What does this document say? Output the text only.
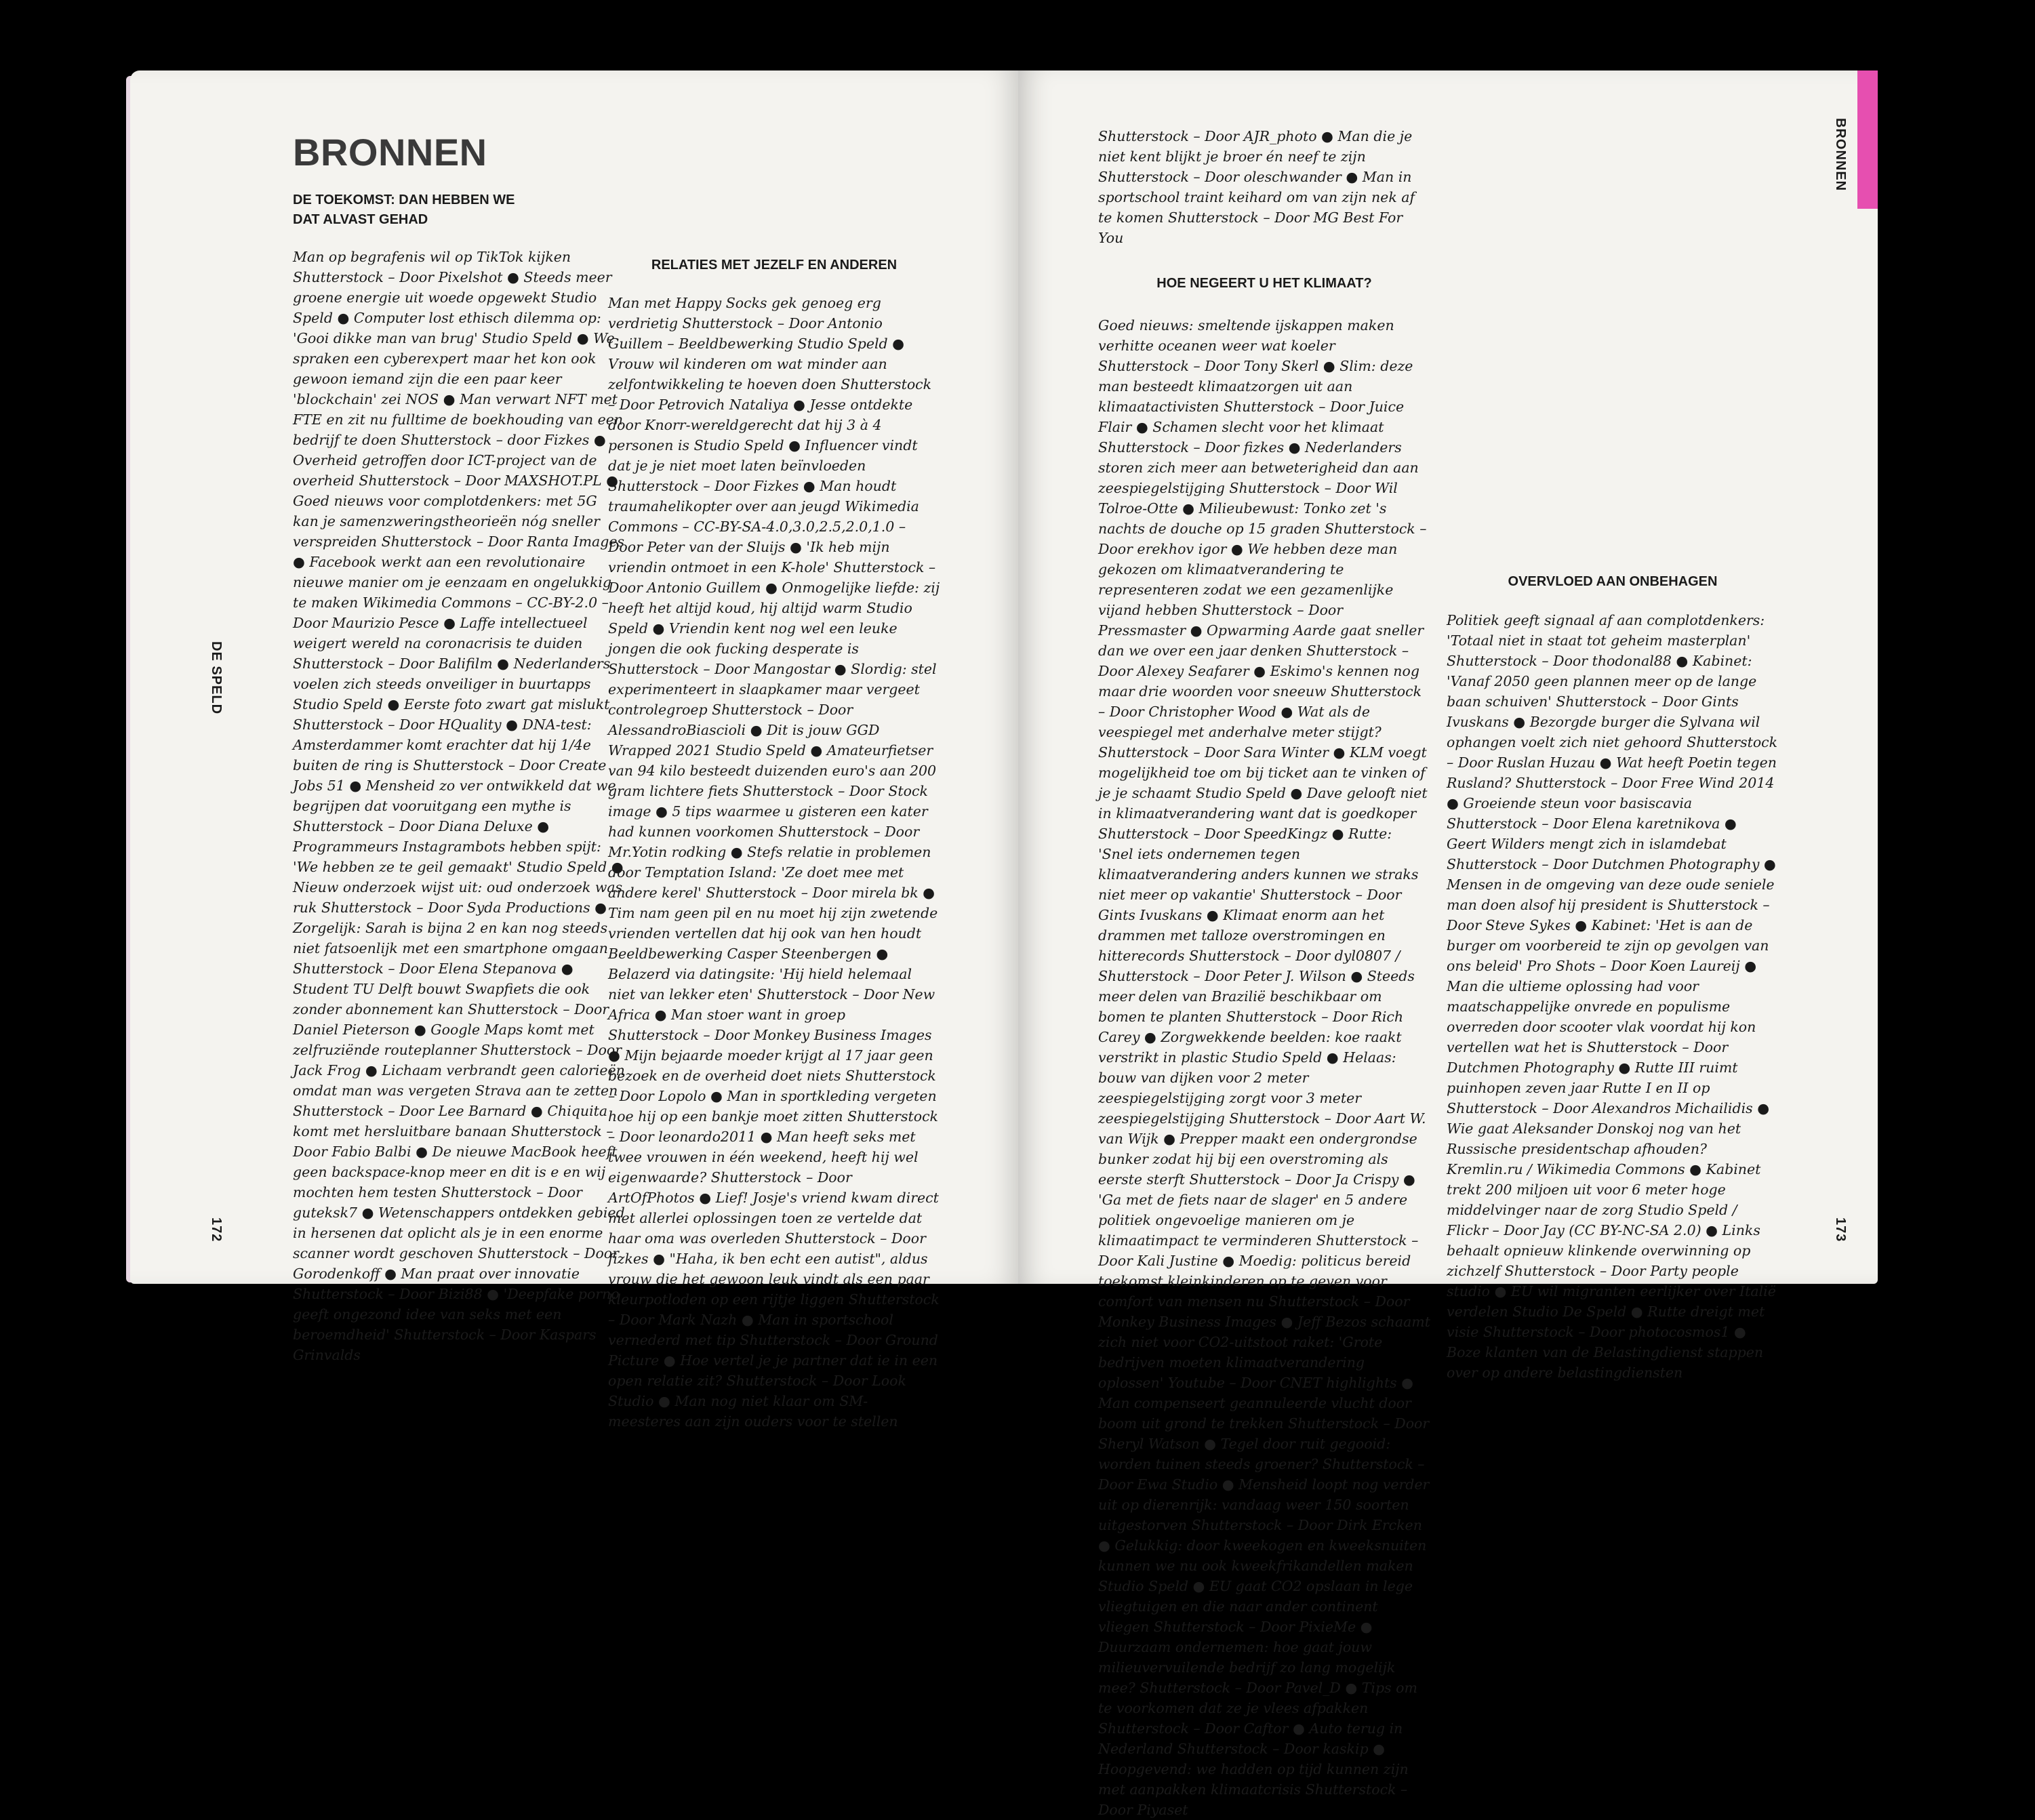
DE SPELD
172
BRONNEN
DE TOEKOMST: DAN HEBBEN WE DAT ALVAST GEHAD

Man op begrafenis wil op TikTok kijken Shutterstock – Door Pixelshot ● Steeds meer groene energie uit woede opgewekt Studio Speld ● Computer lost ethisch dilemma op: 'Gooi dikke man van brug' Studio Speld ● We spraken een cyberexpert maar het kon ook gewoon iemand zijn die een paar keer 'blockchain' zei NOS ● Man verwart NFT met FTE en zit nu fulltime de boekhouding van een bedrijf te doen Shutterstock – door Fizkes ● Overheid getroffen door ICT-project van de overheid Shutterstock – Door MAXSHOT.PL ● Goed nieuws voor complotdenkers: met 5G kan je samenzweringstheorieën nóg sneller verspreiden Shutterstock – Door Ranta Images ● Facebook werkt aan een revolutionaire nieuwe manier om je eenzaam en ongelukkig te maken Wikimedia Commons – CC-BY-2.0 – Door Maurizio Pesce ● Laffe intellectueel weigert wereld na coronacrisis te duiden Shutterstock – Door Balifilm ● Nederlanders voelen zich steeds onveiliger in buurtapps Studio Speld ● Eerste foto zwart gat mislukt Shutterstock – Door HQuality ● DNA-test: Amsterdammer komt erachter dat hij 1/4e buiten de ring is Shutterstock – Door Create Jobs 51 ● Mensheid zo ver ontwikkeld dat we begrijpen dat vooruitgang een mythe is Shutterstock – Door Diana Deluxe ● Programmeurs Instagrambots hebben spijt: 'We hebben ze te geil gemaakt' Studio Speld ● Nieuw onderzoek wijst uit: oud onderzoek was ruk Shutterstock – Door Syda Productions ● Zorgelijk: Sarah is bijna 2 en kan nog steeds niet fatsoenlijk met een smartphone omgaan Shutterstock – Door Elena Stepanova ● Student TU Delft bouwt Swapfiets die ook zonder abonnement kan Shutterstock – Door Daniel Pieterson ● Google Maps komt met zelfruziënde routeplanner Shutterstock – Door Jack Frog ● Lichaam verbrandt geen calorieën omdat man was vergeten Strava aan te zetten Shutterstock – Door Lee Barnard ● Chiquita komt met hersluitbare banaan Shutterstock – Door Fabio Balbi ● De nieuwe MacBook heeft geen backspace-knop meer en dit is e en wij mochten hem testen Shutterstock – Door guteksk7 ● Wetenschappers ontdekken gebied in hersenen dat oplicht als je in een enorme scanner wordt geschoven Shutterstock – Door Gorodenkoff ● Man praat over innovatie Shutterstock – Door Bizi88 ● 'Deepfake porno geeft ongezond idee van seks met een beroemdheid' Shutterstock – Door Kaspars Grinvalds

RELATIES MET JEZELF EN ANDEREN

Man met Happy Socks gek genoeg erg verdrietig Shutterstock – Door Antonio Guillem – Beeldbewerking Studio Speld ● Vrouw wil kinderen om wat minder aan zelfontwikkeling te hoeven doen Shutterstock – Door Petrovich Nataliya ● Jesse ontdekte door Knorr-wereldgerecht dat hij 3 à 4 personen is Studio Speld ● Influencer vindt dat je je niet moet laten beïnvloeden Shutterstock – Door Fizkes ● Man houdt traumahelikopter over aan jeugd Wikimedia Commons – CC-BY-SA-4.0,3.0,2.5,2.0,1.0 – Door Peter van der Sluijs ● 'Ik heb mijn vriendin ontmoet in een K-hole' Shutterstock – Door Antonio Guillem ● Onmogelijke liefde: zij heeft het altijd koud, hij altijd warm Studio Speld ● Vriendin kent nog wel een leuke jongen die ook fucking desperate is Shutterstock – Door Mangostar ● Slordig: stel experimenteert in slaapkamer maar vergeet controlegroep Shutterstock – Door AlessandroBiascioli ● Dit is jouw GGD Wrapped 2021 Studio Speld ● Amateurfietser van 94 kilo besteedt duizenden euro's aan 200 gram lichtere fiets Shutterstock – Door Stock image ● 5 tips waarmee u gisteren een kater had kunnen voorkomen Shutterstock – Door Mr.Yotin rodking ● Stefs relatie in problemen door Temptation Island: 'Ze doet mee met andere kerel' Shutterstock – Door mirela bk ● Tim nam geen pil en nu moet hij zijn zwetende vrienden vertellen dat hij ook van hen houdt Beeldbewerking Casper Steenbergen ● Belazerd via datingsite: 'Hij hield helemaal niet van lekker eten' Shutterstock – Door New Africa ● Man stoer want in groep Shutterstock – Door Monkey Business Images ● Mijn bejaarde moeder krijgt al 17 jaar geen bezoek en de overheid doet niets Shutterstock – Door Lopolo ● Man in sportkleding vergeten hoe hij op een bankje moet zitten Shutterstock – Door leonardo2011 ● Man heeft seks met twee vrouwen in één weekend, heeft hij wel eigenwaarde? Shutterstock – Door ArtOfPhotos ● Lief! Josje's vriend kwam direct met allerlei oplossingen toen ze vertelde dat haar oma was overleden Shutterstock – Door fizkes ● "Haha, ik ben echt een autist", aldus vrouw die het gewoon leuk vindt als een paar kleurpotloden op een rijtje liggen Shutterstock – Door Mark Nazh ● Man in sportschool vernederd met tip Shutterstock – Door Ground Picture ● Hoe vertel je je partner dat ie in een open relatie zit? Shutterstock – Door Look Studio ● Man nog niet klaar om SM-meesteres aan zijn ouders voor te stellen

BRONNEN
173

Shutterstock – Door AJR_photo ● Man die je niet kent blijkt je broer én neef te zijn Shutterstock – Door oleschwander ● Man in sportschool traint keihard om van zijn nek af te komen Shutterstock – Door MG Best For You

HOE NEGEERT U HET KLIMAAT?

Goed nieuws: smeltende ijskappen maken verhitte oceanen weer wat koeler Shutterstock – Door Tony Skerl ● Slim: deze man besteedt klimaatzorgen uit aan klimaatactivisten Shutterstock – Door Juice Flair ● Schamen slecht voor het klimaat Shutterstock – Door fizkes ● Nederlanders storen zich meer aan betweterigheid dan aan zeespiegelstijging Shutterstock – Door Wil Tolroe-Otte ● Milieubewust: Tonko zet 's nachts de douche op 15 graden Shutterstock – Door erekhov igor ● We hebben deze man gekozen om klimaatverandering te representeren zodat we een gezamenlijke vijand hebben Shutterstock – Door Pressmaster ● Opwarming Aarde gaat sneller dan we over een jaar denken Shutterstock – Door Alexey Seafarer ● Eskimo's kennen nog maar drie woorden voor sneeuw Shutterstock – Door Christopher Wood ● Wat als de veespiegel met anderhalve meter stijgt? Shutterstock – Door Sara Winter ● KLM voegt mogelijkheid toe om bij ticket aan te vinken of je je schaamt Studio Speld ● Dave gelooft niet in klimaatverandering want dat is goedkoper Shutterstock – Door SpeedKingz ● Rutte: 'Snel iets ondernemen tegen klimaatverandering anders kunnen we straks niet meer op vakantie' Shutterstock – Door Gints Ivuskans ● Klimaat enorm aan het drammen met talloze overstromingen en hitterecords Shutterstock – Door dyl0807 / Shutterstock – Door Peter J. Wilson ● Steeds meer delen van Brazilië beschikbaar om bomen te planten Shutterstock – Door Rich Carey ● Zorgwekkende beelden: koe raakt verstrikt in plastic Studio Speld ● Helaas: bouw van dijken voor 2 meter zeespiegelstijging zorgt voor 3 meter zeespiegelstijging Shutterstock – Door Aart W. van Wijk ● Prepper maakt een ondergrondse bunker zodat hij bij een overstroming als eerste sterft Shutterstock – Door Ja Crispy ● 'Ga met de fiets naar de slager' en 5 andere politiek ongevoelige manieren om je klimaatimpact te verminderen Shutterstock – Door Kali Justine ● Moedig: politicus bereid toekomst kleinkinderen op te geven voor comfort van mensen nu Shutterstock – Door Monkey Business Images ● Jeff Bezos schaamt zich niet voor CO2-uitstoot raket: 'Grote bedrijven moeten klimaatverandering oplossen' Youtube – Door CNET highlights ● Man compenseert geannuleerde vlucht door boom uit grond te trekken Shutterstock – Door Sheryl Watson ● Tegel door ruit gegooid: worden tuinen steeds groener? Shutterstock – Door Ewa Studio ● Mensheid loopt nog verder uit op dierenrijk: vandaag weer 150 soorten uitgestorven Shutterstock – Door Dirk Ercken ● Gelukkig: door kweekogen en kweeksnuiten kunnen we nu ook kweekfrikandellen maken Studio Speld ● EU gaat CO2 opslaan in lege vliegtuigen en die naar ander continent vliegen Shutterstock – Door PixieMe ● Duurzaam ondernemen: hoe gaat jouw milieuvervuilende bedrijf zo lang mogelijk mee? Shutterstock – Door Pavel_D ● Tips om te voorkomen dat ze je vlees afpakken Shutterstock – Door Caftor ● Auto terug in Nederland Shutterstock – Door kaskip ● Hoopgevend: we hadden op tijd kunnen zijn met aanpakken klimaatcrisis Shutterstock – Door Piyaset

OVERVLOED AAN ONBEHAGEN

Politiek geeft signaal af aan complotdenkers: 'Totaal niet in staat tot geheim masterplan' Shutterstock – Door thodonal88 ● Kabinet: 'Vanaf 2050 geen plannen meer op de lange baan schuiven' Shutterstock – Door Gints Ivuskans ● Bezorgde burger die Sylvana wil ophangen voelt zich niet gehoord Shutterstock – Door Ruslan Huzau ● Wat heeft Poetin tegen Rusland? Shutterstock – Door Free Wind 2014 ● Groeiende steun voor basiscavia Shutterstock – Door Elena karetnikova ● Geert Wilders mengt zich in islamdebat Shutterstock – Door Dutchmen Photography ● Mensen in de omgeving van deze oude seniele man doen alsof hij president is Shutterstock – Door Steve Sykes ● Kabinet: 'Het is aan de burger om voorbereid te zijn op gevolgen van ons beleid' Pro Shots – Door Koen Laureij ● Man die ultieme oplossing had voor maatschappelijke onvrede en populisme overreden door scooter vlak voordat hij kon vertellen wat het is Shutterstock – Door Dutchmen Photography ● Rutte III ruimt puinhopen zeven jaar Rutte I en II op Shutterstock – Door Alexandros Michailidis ● Wie gaat Aleksander Donskoj nog van het Russische presidentschap afhouden? Kremlin.ru / Wikimedia Commons ● Kabinet trekt 200 miljoen uit voor 6 meter hoge middelvinger naar de zorg Studio Speld / Flickr – Door Jay (CC BY-NC-SA 2.0) ● Links behaalt opnieuw klinkende overwinning op zichzelf Shutterstock – Door Party people studio ● EU wil migranten eerlijker over Italië verdelen Studio De Speld ● Rutte dreigt met visie Shutterstock – Door photocosmos1 ● Boze klanten van de Belastingdienst stappen over op andere belastingdiensten
